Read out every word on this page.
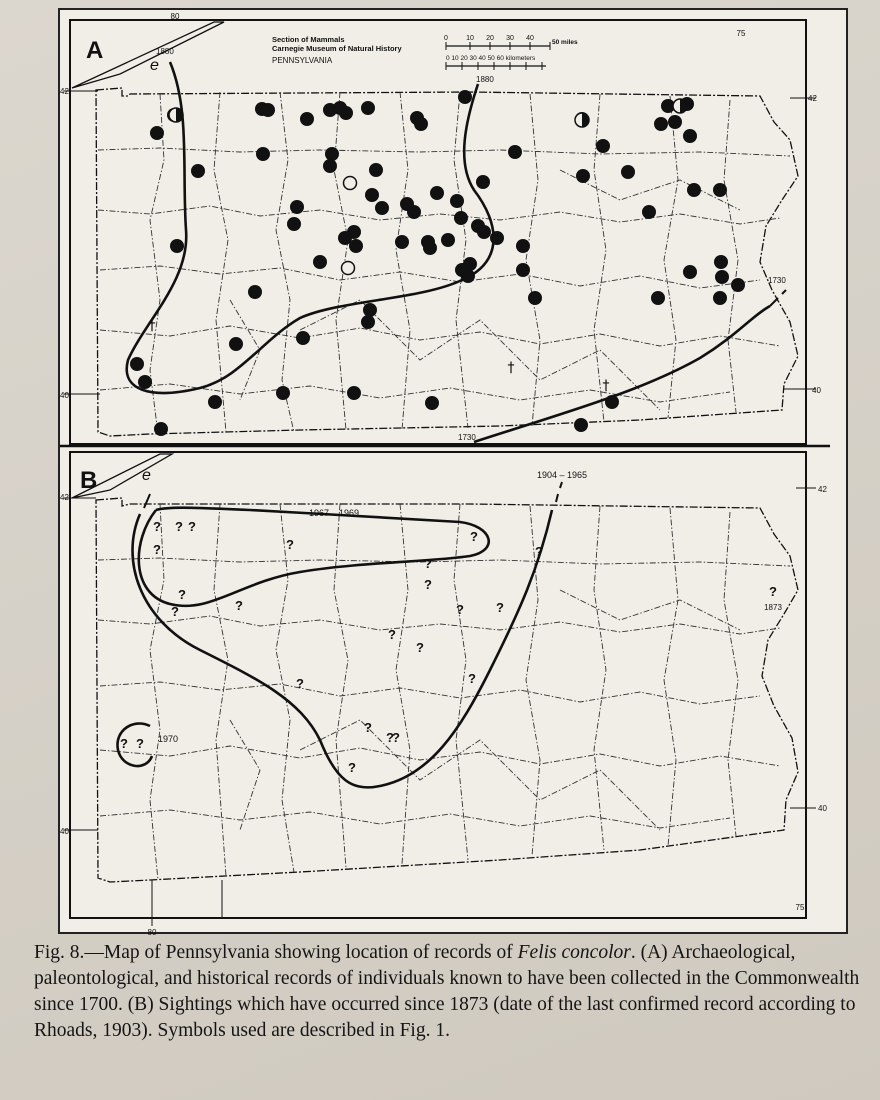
A
e
Section of Mammals
Carnegie Museum of Natural History
PENNSYLVANIA
0	10 20 30 40
50 miles
0 10 20 30 40 50 60 kilometers
80
75
42
42
40
40
1880
1880
1730
1730
†
†
†
B	e
42
42
40
40
80
75
1904 – 1965
1967 – 1969
1970
1873
? ? ?
?	?
?
?
?
?
?
?	?	? ?
?
?
?
?
?
?
?
?
? ?
?

Fig. 8.—Map of Pennsylvania showing location of records of Felis concolor. (A) Archaeological, paleontological, and historical records of individuals known to have been collected in the Commonwealth since 1700. (B) Sightings which have occurred since 1873 (date of the last confirmed record according to Rhoads, 1903). Symbols used are described in Fig. 1.
